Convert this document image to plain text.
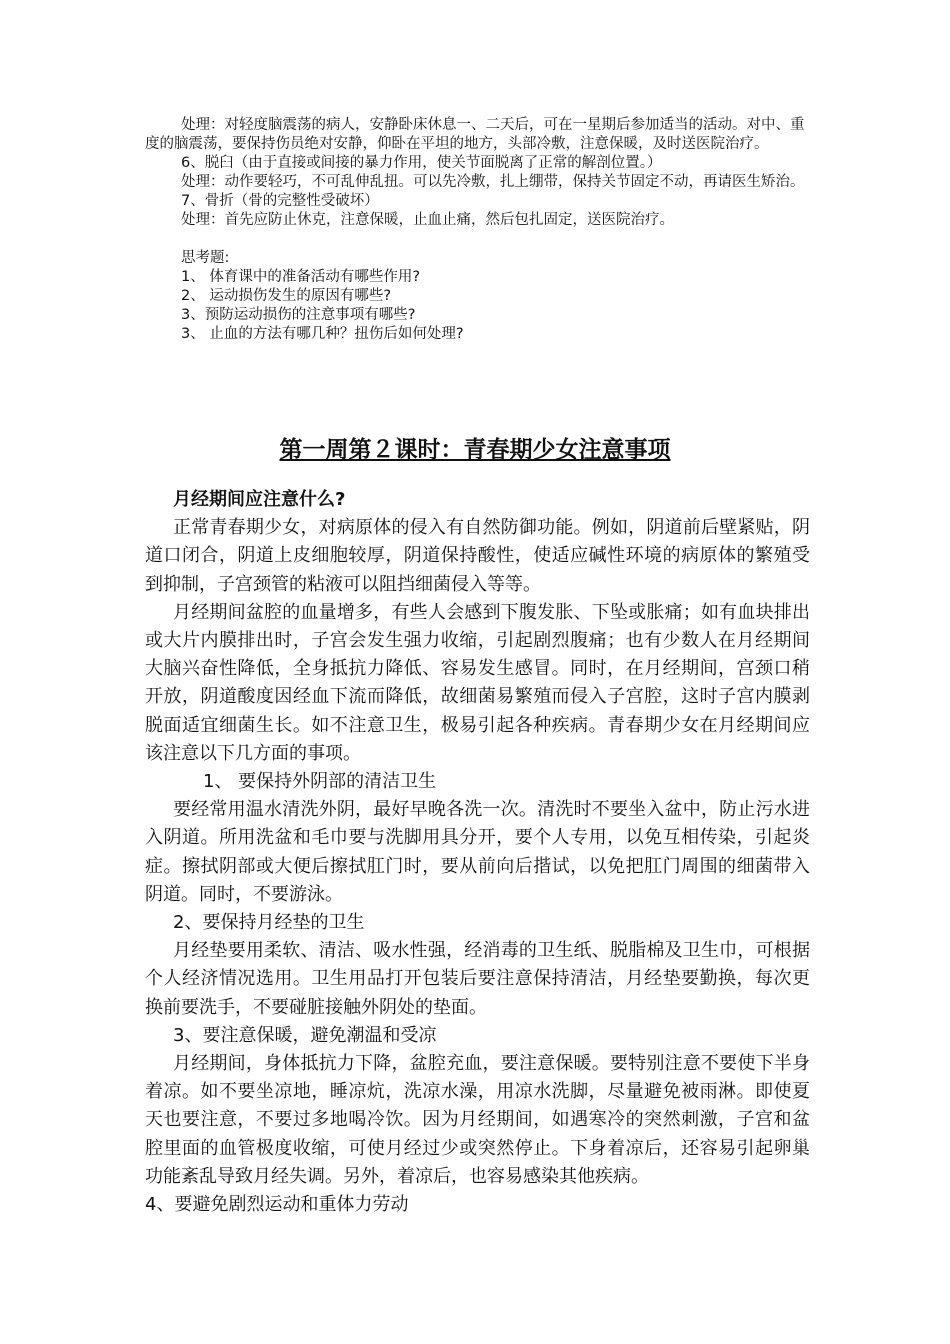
处理：对轻度脑震荡的病人，安静卧床休息一、二天后，可在一星期后参加适当的活动。对中、重度的脑震荡，要保持伤员绝对安静，仰卧在平坦的地方，头部冷敷，注意保暖，及时送医院治疗。

6、脱臼（由于直接或间接的暴力作用，使关节面脱离了正常的解剖位置。）

处理：动作要轻巧，不可乱伸乱扭。可以先冷敷，扎上绷带，保持关节固定不动，再请医生矫治。

7、骨折（骨的完整性受破坏）

处理：首先应防止休克，注意保暖，止血止痛，然后包扎固定，送医院治疗。

思考题:

1、 体育课中的准备活动有哪些作用?

2、 运动损伤发生的原因有哪些?

3、预防运动损伤的注意事项有哪些?

3、 止血的方法有哪几种？扭伤后如何处理?

第一周第２课时：青春期少女注意事项

月经期间应注意什么?

正常青春期少女，对病原体的侵入有自然防御功能。例如，阴道前后壁紧贴，阴道口闭合，阴道上皮细胞较厚，阴道保持酸性，使适应碱性环境的病原体的繁殖受到抑制，子宫颈管的粘液可以阻挡细菌侵入等等。

月经期间盆腔的血量增多，有些人会感到下腹发胀、下坠或胀痛；如有血块排出或大片内膜排出时，子宫会发生强力收缩，引起剧烈腹痛；也有少数人在月经期间大脑兴奋性降低，全身抵抗力降低、容易发生感冒。同时，在月经期间，宫颈口稍开放，阴道酸度因经血下流而降低，故细菌易繁殖而侵入子宫腔，这时子宫内膜剥脱面适宜细菌生长。如不注意卫生，极易引起各种疾病。青春期少女在月经期间应该注意以下几方面的事项。

1、 要保持外阴部的清洁卫生

要经常用温水清洗外阴，最好早晚各洗一次。清洗时不要坐入盆中，防止污水进入阴道。所用洗盆和毛巾要与洗脚用具分开，要个人专用，以免互相传染，引起炎症。擦拭阴部或大便后擦拭肛门时，要从前向后揩试，以免把肛门周围的细菌带入阴道。同时，不要游泳。

2、要保持月经垫的卫生

月经垫要用柔软、清洁、吸水性强，经消毒的卫生纸、脱脂棉及卫生巾，可根据个人经济情况选用。卫生用品打开包装后要注意保持清洁，月经垫要勤换，每次更换前要洗手，不要碰脏接触外阴处的垫面。

3、要注意保暖，避免潮温和受凉

月经期间，身体抵抗力下降，盆腔充血，要注意保暖。要特别注意不要使下半身着凉。如不要坐凉地，睡凉炕，洗凉水澡，用凉水洗脚，尽量避免被雨淋。即使夏天也要注意，不要过多地喝冷饮。因为月经期间，如遇寒冷的突然刺激，子宫和盆腔里面的血管极度收缩，可使月经过少或突然停止。下身着凉后，还容易引起卵巢功能紊乱导致月经失调。另外，着凉后，也容易感染其他疾病。

4、要避免剧烈运动和重体力劳动
